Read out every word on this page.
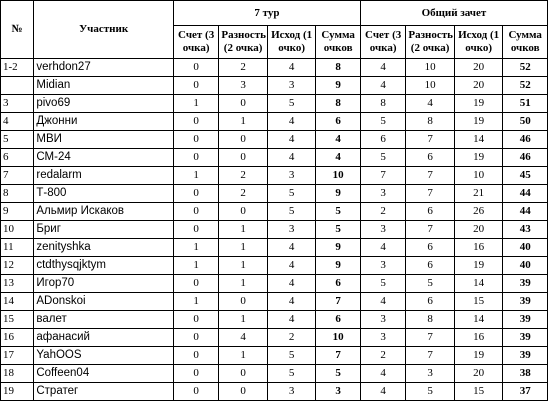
№	Участник	7 тур				Общий зачет			
		Счет (3 очка)	Разность (2 очка)	Исход (1 очко)	Сумма очков	Счет (3 очка)	Разность (2 очка)	Исход (1 очко)	Сумма очков
1-2	verhdon27	0	2	4	8	4	10	20	52
	Midian	0	3	3	9	4	10	20	52
3	pivo69	1	0	5	8	8	4	19	51
4	Джонни	0	1	4	6	5	8	19	50
5	МВИ	0	0	4	4	6	7	14	46
6	СМ-24	0	0	4	4	5	6	19	46
7	redalarm	1	2	3	10	7	7	10	45
8	Т-800	0	2	5	9	3	7	21	44
9	Альмир Искаков	0	0	5	5	2	6	26	44
10	Бриг	0	1	3	5	3	7	20	43
11	zenityshka	1	1	4	9	4	6	16	40
12	ctdthysqjktym	1	1	4	9	3	6	19	40
13	Игор70	0	1	4	6	5	5	14	39
14	ADonskoi	1	0	4	7	4	6	15	39
15	валет	0	1	4	6	3	8	14	39
16	афанасий	0	4	2	10	3	7	16	39
17	YahOOS	0	1	5	7	2	7	19	39
18	Coffeen04	0	0	5	5	4	3	20	38
19	Стратег	0	0	3	3	4	5	15	37
